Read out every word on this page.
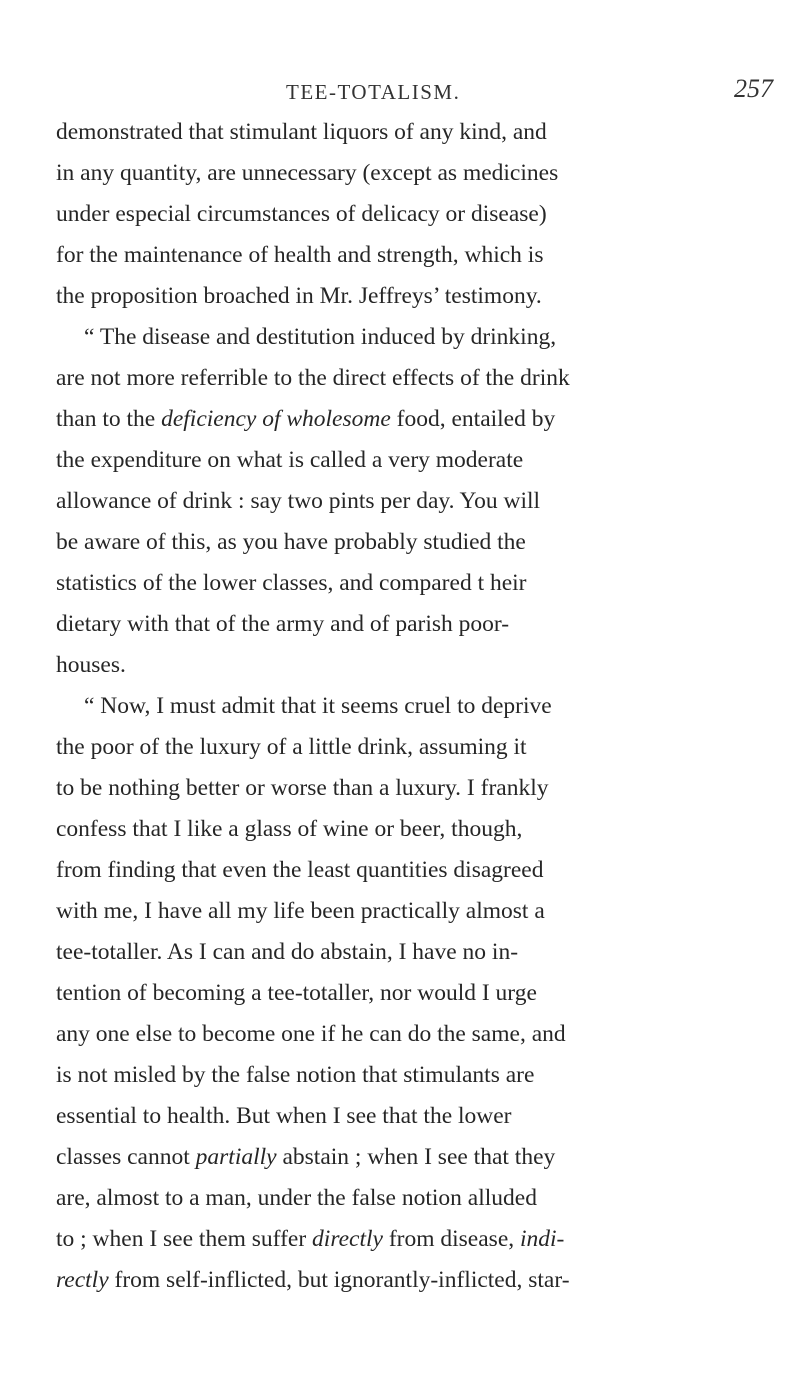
TEE-TOTALISM.	257
demonstrated that stimulant liquors of any kind, and
in any quantity, are unnecessary (except as medicines
under especial circumstances of delicacy or disease)
for the maintenance of health and strength, which is
the proposition broached in Mr. Jeffreys’ testimony.
“ The disease and destitution induced by drinking,
are not more referrible to the direct effects of the drink
than to the deficiency of wholesome food, entailed by
the expenditure on what is called a very moderate
allowance of drink : say two pints per day. You will
be aware of this, as you have probably studied the
statistics of the lower classes, and compared t heir
dietary with that of the army and of parish poor-
houses.
“ Now, I must admit that it seems cruel to deprive
the poor of the luxury of a little drink, assuming it
to be nothing better or worse than a luxury. I frankly
confess that I like a glass of wine or beer, though,
from finding that even the least quantities disagreed
with me, I have all my life been practically almost a
tee-totaller. As I can and do abstain, I have no in-
tention of becoming a tee-totaller, nor would I urge
any one else to become one if he can do the same, and
is not misled by the false notion that stimulants are
essential to health. But when I see that the lower
classes cannot partially abstain ; when I see that they
are, almost to a man, under the false notion alluded
to ; when I see them suffer directly from disease, indi-
rectly from self-inflicted, but ignorantly-inflicted, star-
